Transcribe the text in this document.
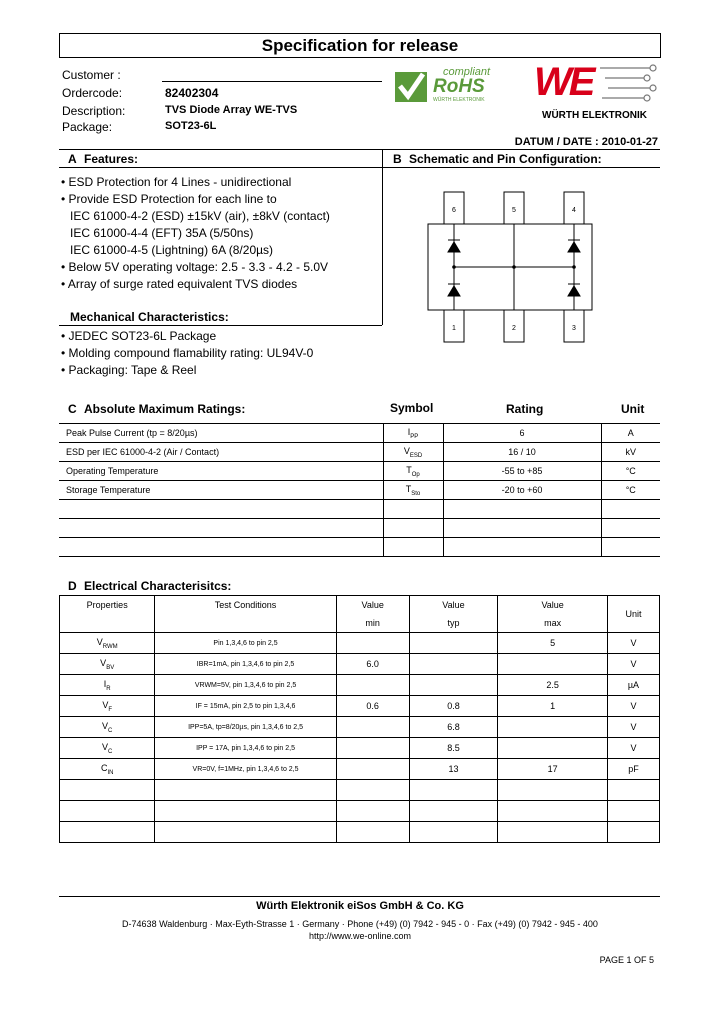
Specification for release
Customer :
Ordercode:	82402304
Description:	TVS Diode Array WE-TVS
Package:	SOT23-6L
compliant
RoHS
WÜRTH ELEKTRONIK WE
WÜRTH ELEKTRONIK
DATUM / DATE : 2010-01-27
A Features:
• ESD Protection for 4 Lines - unidirectional
• Provide ESD Protection for each line to
IEC 61000-4-2 (ESD) ±15kV (air), ±8kV (contact)
IEC 61000-4-4 (EFT) 35A (5/50ns)
IEC 61000-4-5 (Lightning) 6A (8/20µs)
• Below 5V operating voltage: 2.5 - 3.3 - 4.2 - 5.0V
• Array of surge rated equivalent TVS diodes
Mechanical Characteristics:
• JEDEC SOT23-6L Package
• Molding compound flamability rating: UL94V-0
• Packaging: Tape & Reel
B Schematic and Pin Configuration:
6	5	4
1	2	3
C Absolute Maximum Ratings:	Symbol	Rating	Unit
Peak Pulse Current (tp = 8/20µs)	$I_{PP}$	6	A
ESD per IEC 61000-4-2 (Air / Contact)	$V_{ESD}$	16 / 10	kV
Operating Temperature	$T_{Op}$	-55 to +85	°C
Storage Temperature	$T_{Sto}$	-20 to +60	°C

D Electrical Characterisitcs:
Properties	Test Conditions	Value	Value	Value	Unit
		min	typ	max	
$V_{RWM}$	Pin 1,3,4,6 to pin 2,5			5	V
$V_{BV}$	IBR=1mA, pin 1,3,4,6 to pin 2,5	6.0			V
$I_R$	VRWM=5V, pin 1,3,4,6 to pin 2,5			2.5	µA
$V_F$	IF = 15mA, pin 2,5 to pin 1,3,4,6	0.6	0.8	1	V
$V_C$	IPP=5A, tp=8/20µs, pin 1,3,4,6 to 2,5		6.8		V
$V_C$	IPP = 17A, pin 1,3,4,6 to pin 2,5		8.5		V
$C_{IN}$	VR=0V, f=1MHz, pin 1,3,4,6 to 2,5		13	17	pF

Würth Elektronik eiSos GmbH & Co. KG
D-74638 Waldenburg · Max-Eyth-Strasse 1 · Germany · Phone (+49) (0) 7942 - 945 - 0 · Fax (+49) (0) 7942 - 945 - 400
http://www.we-online.com
PAGE 1 OF 5
